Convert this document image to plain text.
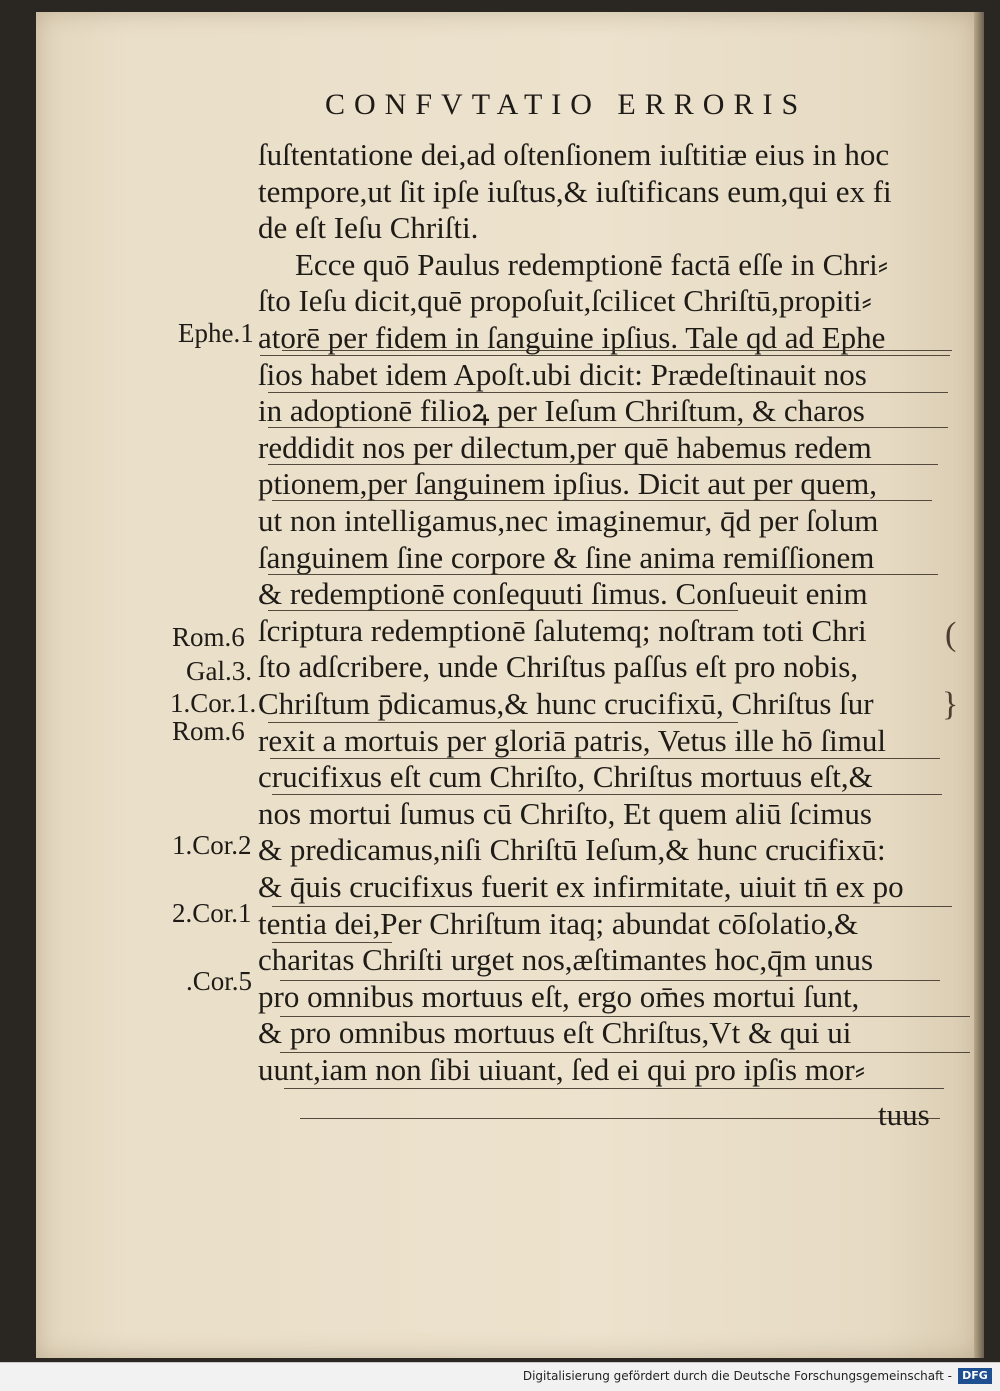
CONFVTATIO ERRORIS
ſuſtentatione dei,ad oſtenſionem iuſtitiæ eius in hoc
tempore,ut ſit ipſe iuſtus,& iuſtificans eum,qui ex fi
de eſt Ieſu Chriſti.
Ecce quō Paulus redemptionē factā eſſe in Chri⸗
ſto Ieſu dicit,quē propoſuit,ſcilicet Chriſtū,propiti⸗
atorē per fidem in ſanguine ipſius. Tale qd ad Ephe
ſios habet idem Apoſt.ubi dicit: Prædeſtinauit nos
in adoptionē filioꝝ per Ieſum Chriſtum, & charos
reddidit nos per dilectum,per quē habemus redem
ptionem,per ſanguinem ipſius. Dicit aut per quem,
ut non intelligamus,nec imaginemur, q̄d per ſolum
ſanguinem ſine corpore & ſine anima remiſſionem
& redemptionē conſequuti ſimus. Conſueuit enim
ſcriptura redemptionē ſalutemq; noſtram toti Chri
ſto adſcribere, unde Chriſtus paſſus eſt pro nobis,
Chriſtum p̄dicamus,& hunc crucifixū, Chriſtus ſur
rexit a mortuis per gloriā patris, Vetus ille hō ſimul
crucifixus eſt cum Chriſto, Chriſtus mortuus eſt,&
nos mortui ſumus cū Chriſto, Et quem aliū ſcimus
& predicamus,niſi Chriſtū Ieſum,& hunc crucifixū:
& q̄uis crucifixus fuerit ex infirmitate, uiuit tn̄ ex po
tentia dei,Per Chriſtum itaq; abundat cōſolatio,&
charitas Chriſti urget nos,æſtimantes hoc,q̄m unus
pro omnibus mortuus eſt, ergo om̄es mortui ſunt,
& pro omnibus mortuus eſt Chriſtus,Vt & qui ui
uunt,iam non ſibi uiuant, ſed ei qui pro ipſis mor⸗
Ephe.1
Rom.6
Gal.3.
1.Cor.1.
Rom.6
1.Cor.2
2.Cor.1
.Cor.5
(
}
tuus
Digitalisierung gefördert durch die Deutsche Forschungsgemeinschaft - DFG
